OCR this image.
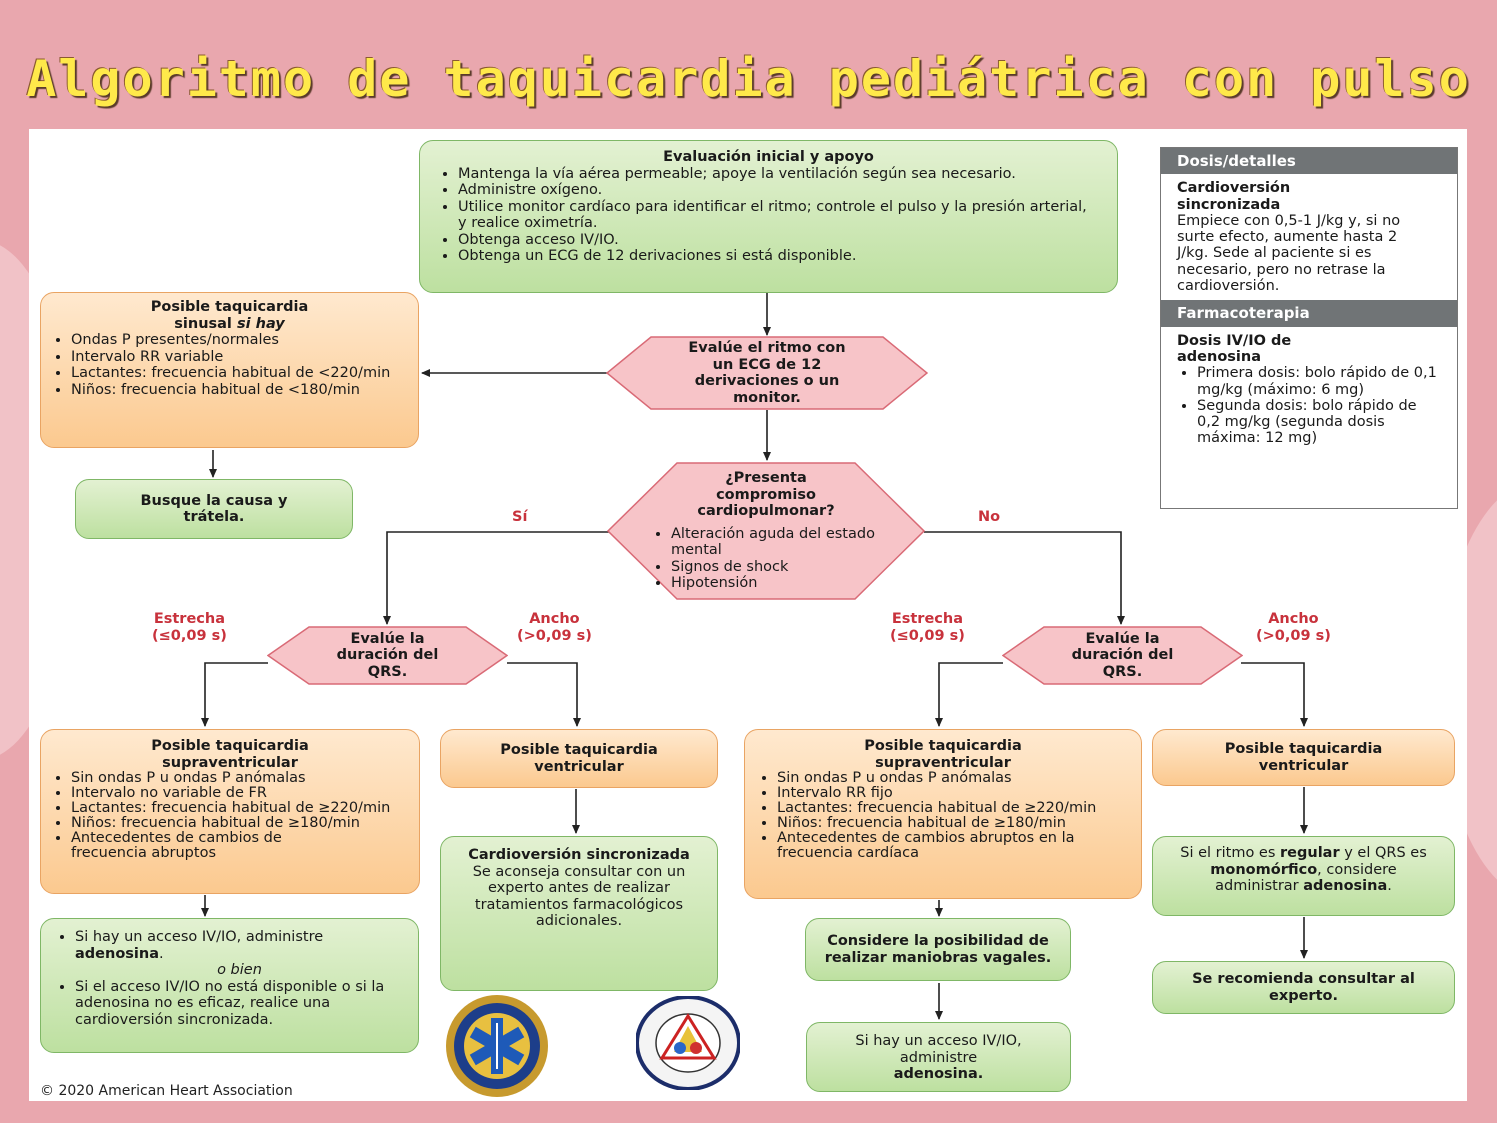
Algoritmo de taquicardia pediátrica con pulso
Evaluación inicial y apoyo
• Mantenga la vía aérea permeable; apoye la ventilación según sea necesario.
• Administre oxígeno.
• Utilice monitor cardíaco para identificar el ritmo; controle el pulso y la presión arterial, y realice oximetría.
• Obtenga acceso IV/IO.
• Obtenga un ECG de 12 derivaciones si está disponible.
Posible taquicardia
sinusal si hay
• Ondas P presentes/normales
• Intervalo RR variable
• Lactantes: frecuencia habitual de <220/min
• Niños: frecuencia habitual de <180/min
Busque la causa y trátela.
Evalúe el ritmo con un ECG de 12 derivaciones o un monitor.
¿Presenta compromiso cardiopulmonar?
• Alteración aguda del estado mental
• Signos de shock
• Hipotensión
Sí	No
Estrecha
(≤0,09 s)
Ancho
(>0,09 s)
Estrecha
(≤0,09 s)
Ancho
(>0,09 s)
Evalúe la duración del QRS.
Evalúe la duración del QRS.
Posible taquicardia supraventricular
• Sin ondas P u ondas P anómalas
• Intervalo no variable de FR
• Lactantes: frecuencia habitual de ≥220/min
• Niños: frecuencia habitual de ≥180/min
• Antecedentes de cambios de frecuencia abruptos
Posible taquicardia ventricular
• Si hay un acceso IV/IO, administre adenosina.
o bien
• Si el acceso IV/IO no está disponible o si la adenosina no es eficaz, realice una cardioversión sincronizada.
Cardioversión sincronizada
Se aconseja consultar con un experto antes de realizar tratamientos farmacológicos adicionales.
Posible taquicardia supraventricular
• Sin ondas P u ondas P anómalas
• Intervalo RR fijo
• Lactantes: frecuencia habitual de ≥220/min
• Niños: frecuencia habitual de ≥180/min
• Antecedentes de cambios abruptos en la frecuencia cardíaca
Posible taquicardia ventricular
Considere la posibilidad de realizar maniobras vagales.
Si hay un acceso IV/IO, administre
adenosina.
Si el ritmo es regular y el QRS es monomórfico, considere administrar adenosina.
Se recomienda consultar al experto.
Dosis/detalles
Cardioversión sincronizada
Empiece con 0,5-1 J/kg y, si no surte efecto, aumente hasta 2 J/kg. Sede al paciente si es necesario, pero no retrase la cardioversión.
Farmacoterapia
Dosis IV/IO de adenosina
• Primera dosis: bolo rápido de 0,1 mg/kg (máximo: 6 mg)
• Segunda dosis: bolo rápido de 0,2 mg/kg (segunda dosis máxima: 12 mg)
© 2020 American Heart Association
